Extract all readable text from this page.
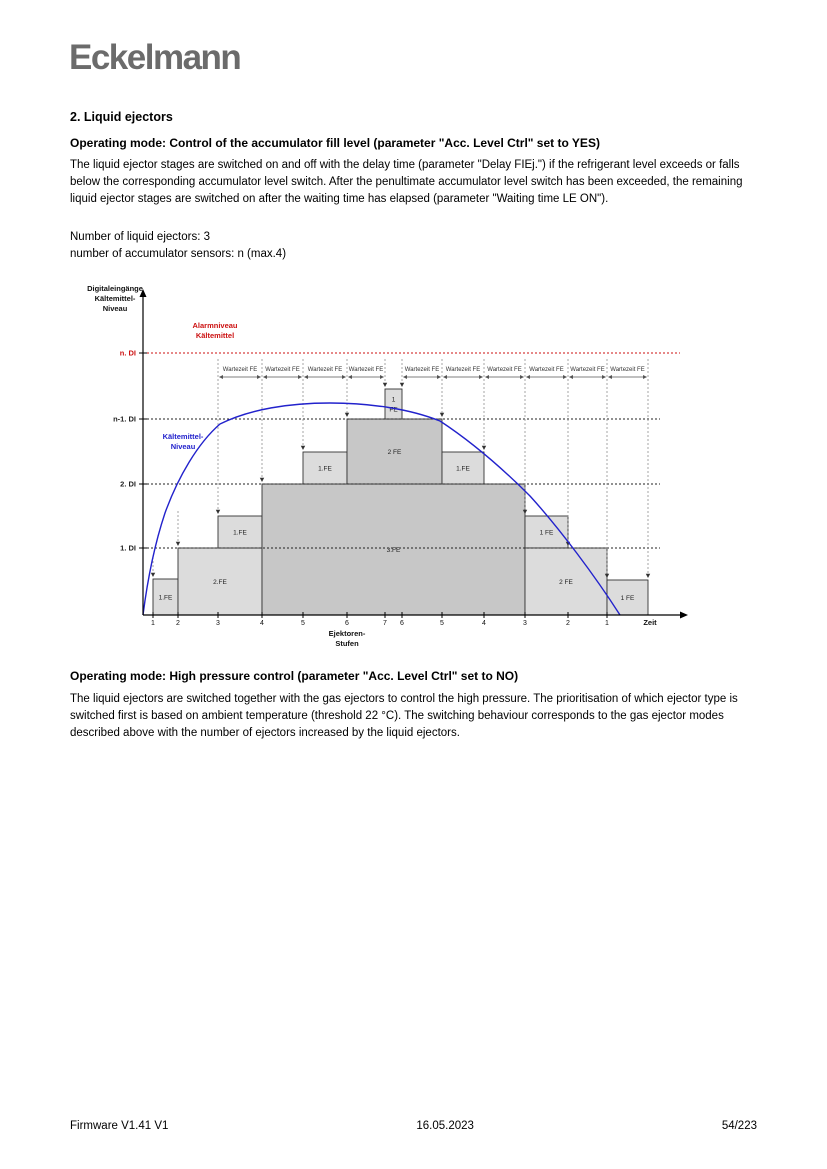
Eckelmann
2. Liquid ejectors
Operating mode: Control of the accumulator fill level (parameter "Acc. Level Ctrl" set to YES)
The liquid ejector stages are switched on and off with the delay time (parameter "Delay FIEj.") if the refrigerant level exceeds or falls below the corresponding accumulator level switch. After the penultimate accumulator level switch has been exceeded, the remaining liquid ejector stages are switched on after the waiting time has elapsed (parameter "Waiting time LE ON").
Number of liquid ejectors: 3
number of accumulator sensors: n (max.4)
1.FE
2.FE
1.FE
3.FE
1.FE
2 FE
1 FE
1.FE
1 FE
2 FE
1 FE
n. DI
n-1. DI
2. DI
1. DI
Wartezeit FE Wartezeit FE Wartezeit FE Wartezeit FE	Wartezeit FE Wartezeit FE Wartezeit FE Wartezeit FE Wartezeit FE Wartezeit FE
1	2	3	4	5	6	7 6	5	4	3	2	1
Digitaleingänge Kältemittel-Niveau
Alarmniveau Kältemittel
Kältemittel-Niveau
Zeit
Ejektoren-Stufen
Operating mode: High pressure control (parameter "Acc. Level Ctrl" set to NO)
The liquid ejectors are switched together with the gas ejectors to control the high pressure. The prioritisation of which ejector type is switched first is based on ambient temperature (threshold 22 °C). The switching behaviour corresponds to the gas ejector modes described above with the number of ejectors increased by the liquid ejectors.
Firmware V1.41 V1	16.05.2023	54/223
